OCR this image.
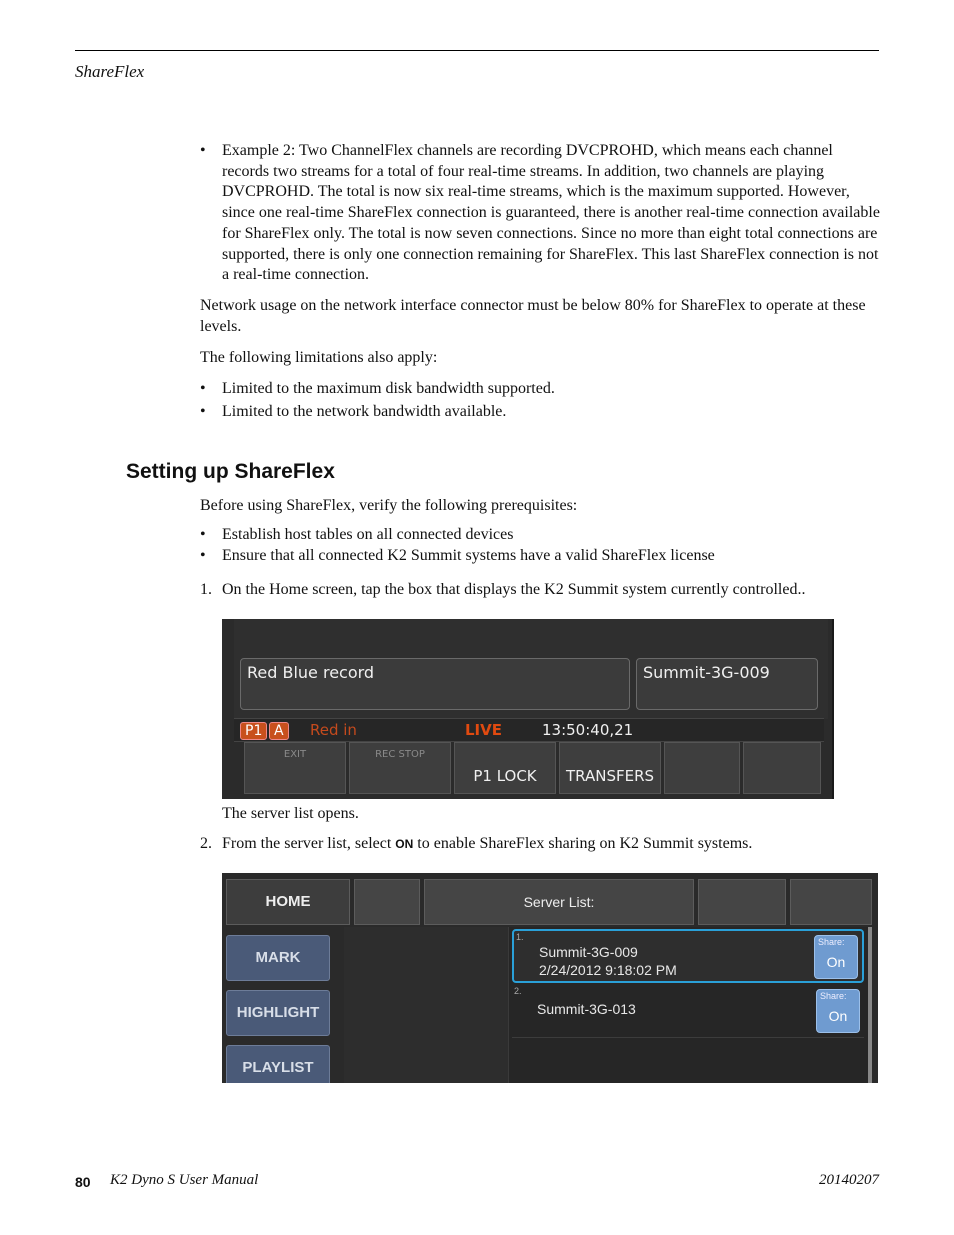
ShareFlex
• Example 2: Two ChannelFlex channels are recording DVCPROHD, which means each channel records two streams for a total of four real-time streams. In addition, two channels are playing DVCPROHD. The total is now six real-time streams, which is the maximum supported. However, since one real-time ShareFlex connection is guaranteed, there is another real-time connection available for ShareFlex only. The total is now seven connections. Since no more than eight total connections are supported, there is only one connection remaining for ShareFlex. This last ShareFlex connection is not a real-time connection.
Network usage on the network interface connector must be below 80% for ShareFlex to operate at these levels.
The following limitations also apply:
• Limited to the maximum disk bandwidth supported.
• Limited to the network bandwidth available.
Setting up ShareFlex
Before using ShareFlex, verify the following prerequisites:
• Establish host tables on all connected devices
• Ensure that all connected K2 Summit systems have a valid ShareFlex license
1. On the Home screen, tap the box that displays the K2 Summit system currently controlled..
Red Blue record	Summit-3G-009
P1 A	Red in	LIVE	13:50:40,21
EXIT	REC STOP
P1 LOCK	TRANSFERS
The server list opens.
2. From the server list, select ON to enable ShareFlex sharing on K2 Summit systems.
HOME	Server List:
MARK
HIGHLIGHT
PLAYLIST
1.
Summit-3G-009
2/24/2012 9:18:02 PM
Share:
On
2.
Summit-3G-013
Share:
On
80 K2 Dyno S User Manual	20140207
